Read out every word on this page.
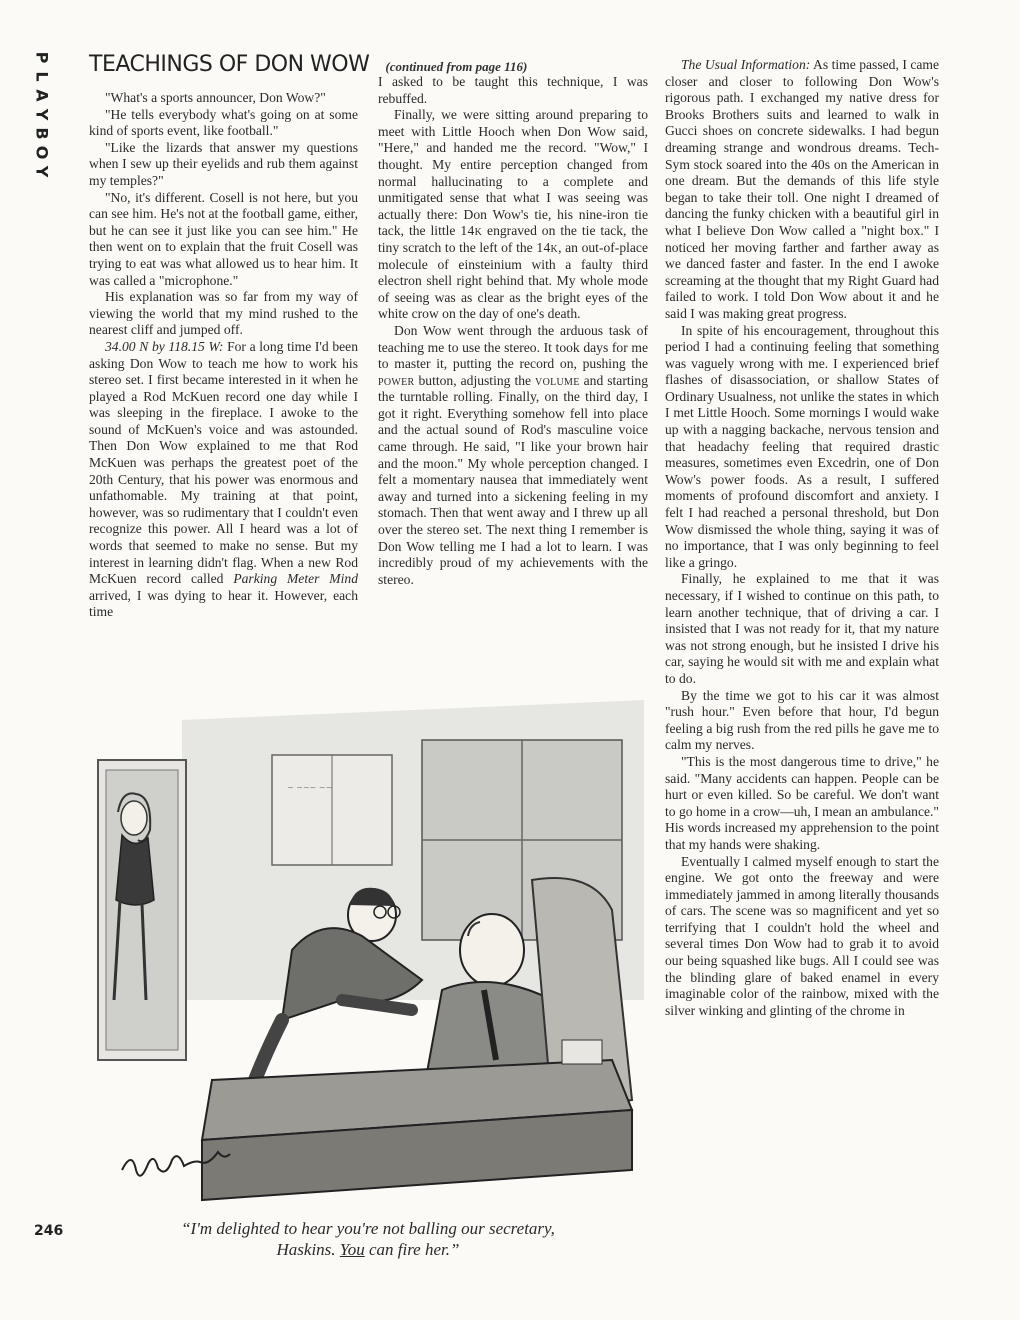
P
L
A
Y
B
O
Y
246
TEACHINGS OF DON WOW (continued from page 116)

"What's a sports announcer, Don Wow?"

"He tells everybody what's going on at some kind of sports event, like football."

"Like the lizards that answer my questions when I sew up their eyelids and rub them against my temples?"

"No, it's different. Cosell is not here, but you can see him. He's not at the football game, either, but he can see it just like you can see him." He then went on to explain that the fruit Cosell was trying to eat was what allowed us to hear him. It was called a "microphone."

His explanation was so far from my way of viewing the world that my mind rushed to the nearest cliff and jumped off.

34.00 N by 118.15 W: For a long time I'd been asking Don Wow to teach me how to work his stereo set. I first became interested in it when he played a Rod McKuen record one day while I was sleeping in the fireplace. I awoke to the sound of McKuen's voice and was astounded. Then Don Wow explained to me that Rod McKuen was perhaps the greatest poet of the 20th Century, that his power was enormous and unfathomable. My training at that point, however, was so rudimentary that I couldn't even recognize this power. All I heard was a lot of words that seemed to make no sense. But my interest in learning didn't flag. When a new Rod McKuen record called Parking Meter Mind arrived, I was dying to hear it. However, each time

I asked to be taught this technique, I was rebuffed.

Finally, we were sitting around preparing to meet with Little Hooch when Don Wow said, "Here," and handed me the record. "Wow," I thought. My entire perception changed from normal hallucinating to a complete and unmitigated sense that what I was seeing was actually there: Don Wow's tie, his nine-iron tie tack, the little 14k engraved on the tie tack, the tiny scratch to the left of the 14k, an out-of-place molecule of einsteinium with a faulty third electron shell right behind that. My whole mode of seeing was as clear as the bright eyes of the white crow on the day of one's death.

Don Wow went through the arduous task of teaching me to use the stereo. It took days for me to master it, putting the record on, pushing the power button, adjusting the volume and starting the turntable rolling. Finally, on the third day, I got it right. Everything somehow fell into place and the actual sound of Rod's masculine voice came through. He said, "I like your brown hair and the moon." My whole perception changed. I felt a momentary nausea that immediately went away and turned into a sickening feeling in my stomach. Then that went away and I threw up all over the stereo set. The next thing I remember is Don Wow telling me I had a lot to learn. I was incredibly proud of my achievements with the stereo.

The Usual Information: As time passed, I came closer and closer to following Don Wow's rigorous path. I exchanged my native dress for Brooks Brothers suits and learned to walk in Gucci shoes on concrete sidewalks. I had begun dreaming strange and wondrous dreams. Tech-Sym stock soared into the 40s on the American in one dream. But the demands of this life style began to take their toll. One night I dreamed of dancing the funky chicken with a beautiful girl in what I believe Don Wow called a "night box." I noticed her moving farther and farther away as we danced faster and faster. In the end I awoke screaming at the thought that my Right Guard had failed to work. I told Don Wow about it and he said I was making great progress.

In spite of his encouragement, throughout this period I had a continuing feeling that something was vaguely wrong with me. I experienced brief flashes of disassociation, or shallow States of Ordinary Usualness, not unlike the states in which I met Little Hooch. Some mornings I would wake up with a nagging backache, nervous tension and that headachy feeling that required drastic measures, sometimes even Excedrin, one of Don Wow's power foods. As a result, I suffered moments of profound discomfort and anxiety. I felt I had reached a personal threshold, but Don Wow dismissed the whole thing, saying it was of no importance, that I was only beginning to feel like a gringo.

Finally, he explained to me that it was necessary, if I wished to continue on this path, to learn another technique, that of driving a car. I insisted that I was not ready for it, that my nature was not strong enough, but he insisted I drive his car, saying he would sit with me and explain what to do.

By the time we got to his car it was almost "rush hour." Even before that hour, I'd begun feeling a big rush from the red pills he gave me to calm my nerves.

"This is the most dangerous time to drive," he said. "Many accidents can happen. People can be hurt or even killed. So be careful. We don't want to go home in a crow—uh, I mean an ambulance." His words increased my apprehension to the point that my hands were shaking.

Eventually I calmed myself enough to start the engine. We got onto the freeway and were immediately jammed in among literally thousands of cars. The scene was so magnificent and yet so terrifying that I couldn't hold the wheel and several times Don Wow had to grab it to avoid our being squashed like bugs. All I could see was the blinding glare of baked enamel in every imaginable color of the rainbow, mixed with the silver winking and glinting of the chrome in

~ ~~~ ~~
“I'm delighted to hear you're not balling our secretary,
Haskins. You can fire her.”
